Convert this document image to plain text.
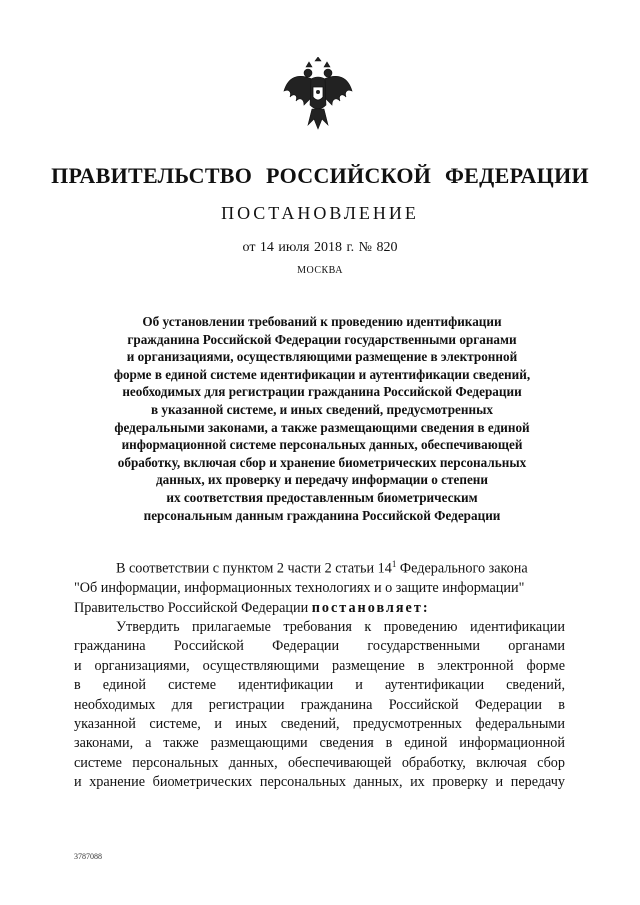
ПРАВИТЕЛЬСТВО РОССИЙСКОЙ ФЕДЕРАЦИИ
ПОСТАНОВЛЕНИЕ
от 14 июля 2018 г. № 820
МОСКВА
Об установлении требований к проведению идентификации
гражданина Российской Федерации государственными органами
и организациями, осуществляющими размещение в электронной
форме в единой системе идентификации и аутентификации сведений,
необходимых для регистрации гражданина Российской Федерации
в указанной системе, и иных сведений, предусмотренных
федеральными законами, а также размещающими сведения в единой
информационной системе персональных данных, обеспечивающей
обработку, включая сбор и хранение биометрических персональных
данных, их проверку и передачу информации о степени
их соответствия предоставленным биометрическим
персональным данным гражданина Российской Федерации
В соответствии с пунктом 2 части 2 статьи $14^1$ Федерального закона
"Об информации, информационных технологиях и о защите информации"
Правительство Российской Федерации постановляет:
Утвердить прилагаемые требования к проведению идентификации
гражданина Российской Федерации государственными органами
и организациями, осуществляющими размещение в электронной форме
в единой системе идентификации и аутентификации сведений,
необходимых для регистрации гражданина Российской Федерации в
указанной системе, и иных сведений, предусмотренных федеральными
законами, а также размещающими сведения в единой информационной
системе персональных данных, обеспечивающей обработку, включая сбор
и хранение биометрических персональных данных, их проверку и передачу
3787088
